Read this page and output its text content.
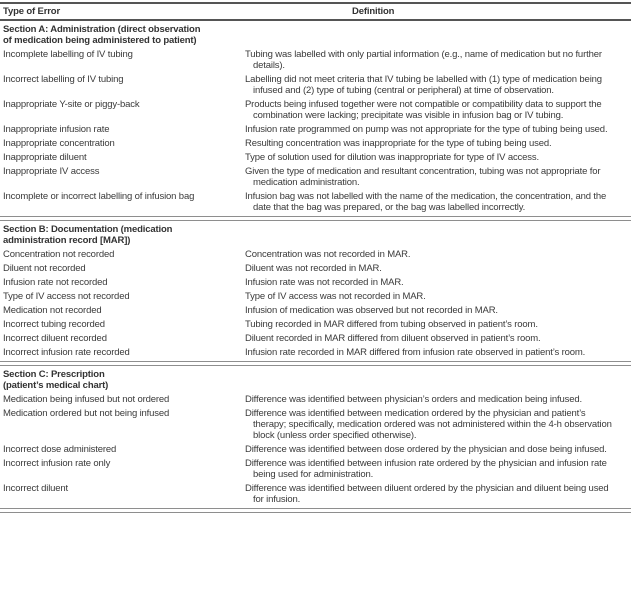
Type of Error	Definition
Section A: Administration (direct observation
of medication being administered to patient)
Incomplete labelling of IV tubing	Tubing was labelled with only partial information (e.g., name of medication but no further details).
Incorrect labelling of IV tubing	Labelling did not meet criteria that IV tubing be labelled with (1) type of medication being infused and (2) type of tubing (central or peripheral) at time of observation.
Inappropriate Y-site or piggy-back	Products being infused together were not compatible or compatibility data to support the combination were lacking; precipitate was visible in infusion bag or IV tubing.
Inappropriate infusion rate	Infusion rate programmed on pump was not appropriate for the type of tubing being used.
Inappropriate concentration	Resulting concentration was inappropriate for the type of tubing being used.
Inappropriate diluent	Type of solution used for dilution was inappropriate for type of IV access.
Inappropriate IV access	Given the type of medication and resultant concentration, tubing was not appropriate for medication administration.
Incomplete or incorrect labelling of infusion bag	Infusion bag was not labelled with the name of the medication, the concentration, and the date that the bag was prepared, or the bag was labelled incorrectly.
Section B: Documentation (medication
administration record [MAR])
Concentration not recorded	Concentration was not recorded in MAR.
Diluent not recorded	Diluent was not recorded in MAR.
Infusion rate not recorded	Infusion rate was not recorded in MAR.
Type of IV access not recorded	Type of IV access was not recorded in MAR.
Medication not recorded	Infusion of medication was observed but not recorded in MAR.
Incorrect tubing recorded	Tubing recorded in MAR differed from tubing observed in patient’s room.
Incorrect diluent recorded	Diluent recorded in MAR differed from diluent observed in patient’s room.
Incorrect infusion rate recorded	Infusion rate recorded in MAR differed from infusion rate observed in patient’s room.
Section C: Prescription
(patient’s medical chart)
Medication being infused but not ordered	Difference was identified between physician’s orders and medication being infused.
Medication ordered but not being infused	Difference was identified between medication ordered by the physician and patient’s therapy; specifically, medication ordered was not administered within the 4-h observation block (unless order specified otherwise).
Incorrect dose administered	Difference was identified between dose ordered by the physician and dose being infused.
Incorrect infusion rate only	Difference was identified between infusion rate ordered by the physician and infusion rate being used for administration.
Incorrect diluent	Difference was identified between diluent ordered by the physician and diluent being used for infusion.
